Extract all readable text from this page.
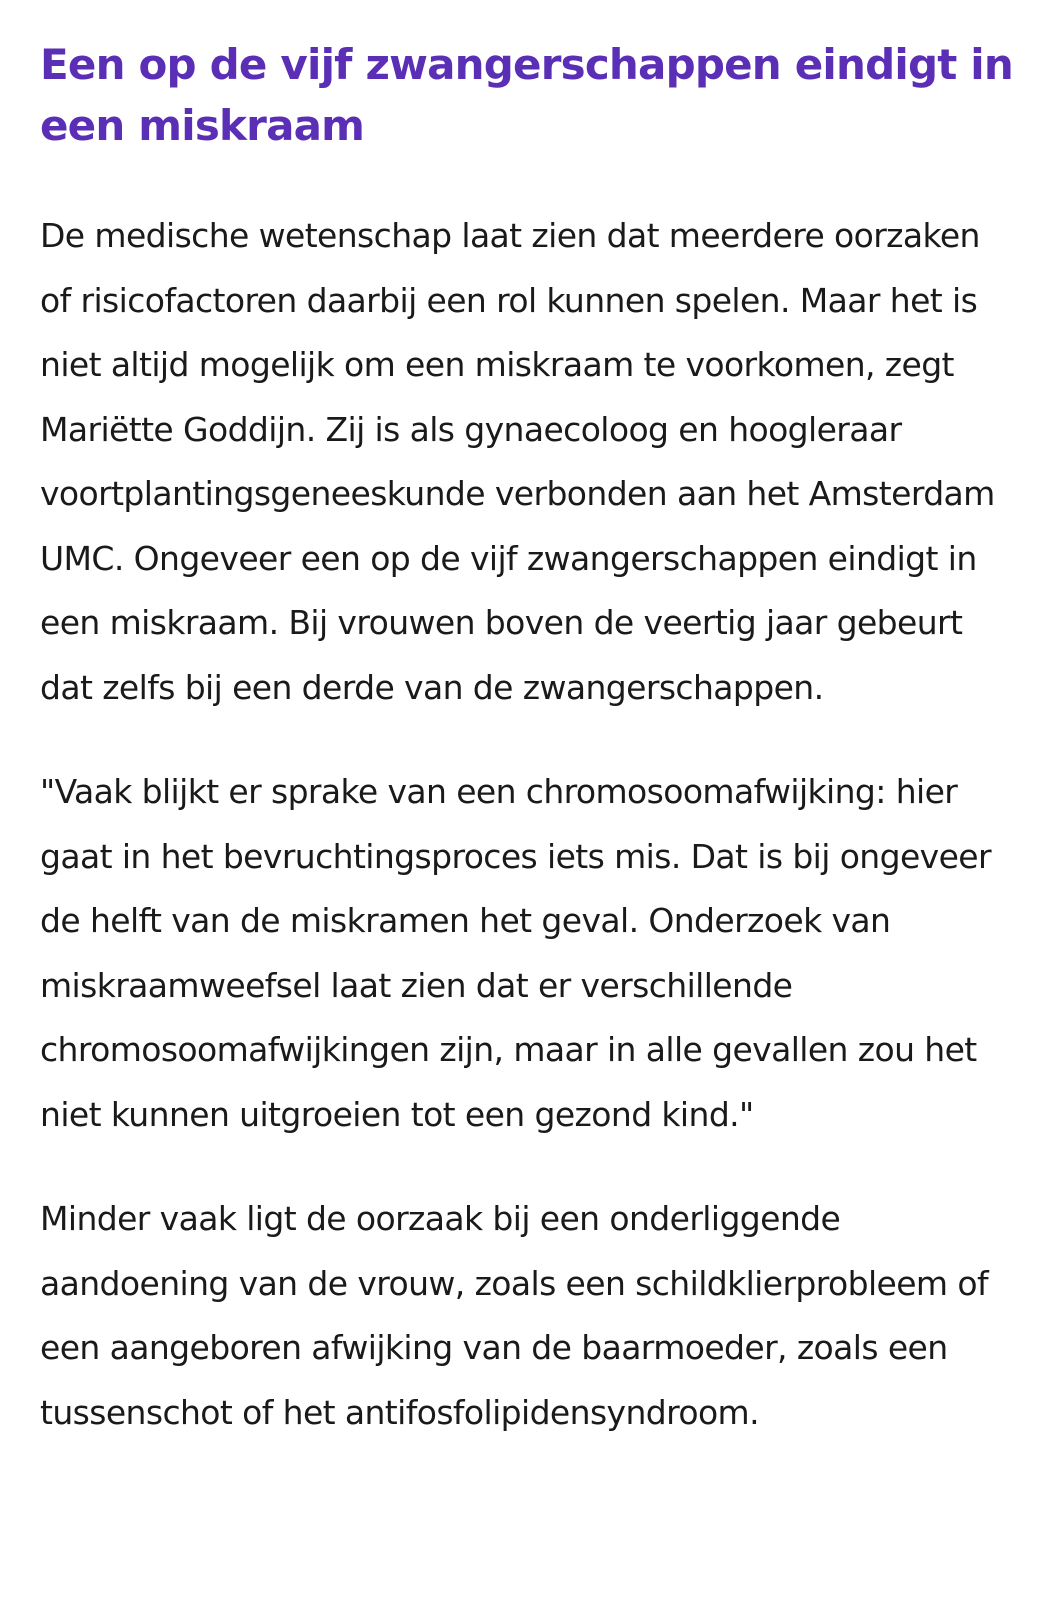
Een op de vijf zwangerschappen eindigt in een miskraam

De medische wetenschap laat zien dat meerdere oorzaken of risicofactoren daarbij een rol kunnen spelen. Maar het is niet altijd mogelijk om een miskraam te voorkomen, zegt Mariëtte Goddijn. Zij is als gynaecoloog en hoogleraar voortplantingsgeneeskunde verbonden aan het Amsterdam UMC. Ongeveer een op de vijf zwangerschappen eindigt in een miskraam. Bij vrouwen boven de veertig jaar gebeurt dat zelfs bij een derde van de zwangerschappen.

"Vaak blijkt er sprake van een chromosoomafwijking: hier gaat in het bevruchtingsproces iets mis. Dat is bij ongeveer de helft van de miskramen het geval. Onderzoek van miskraamweefsel laat zien dat er verschillende chromosoomafwijkingen zijn, maar in alle gevallen zou het niet kunnen uitgroeien tot een gezond kind."

Minder vaak ligt de oorzaak bij een onderliggende aandoening van de vrouw, zoals een schildklierprobleem of een aangeboren afwijking van de baarmoeder, zoals een tussenschot of het antifosfolipidensyndroom.
